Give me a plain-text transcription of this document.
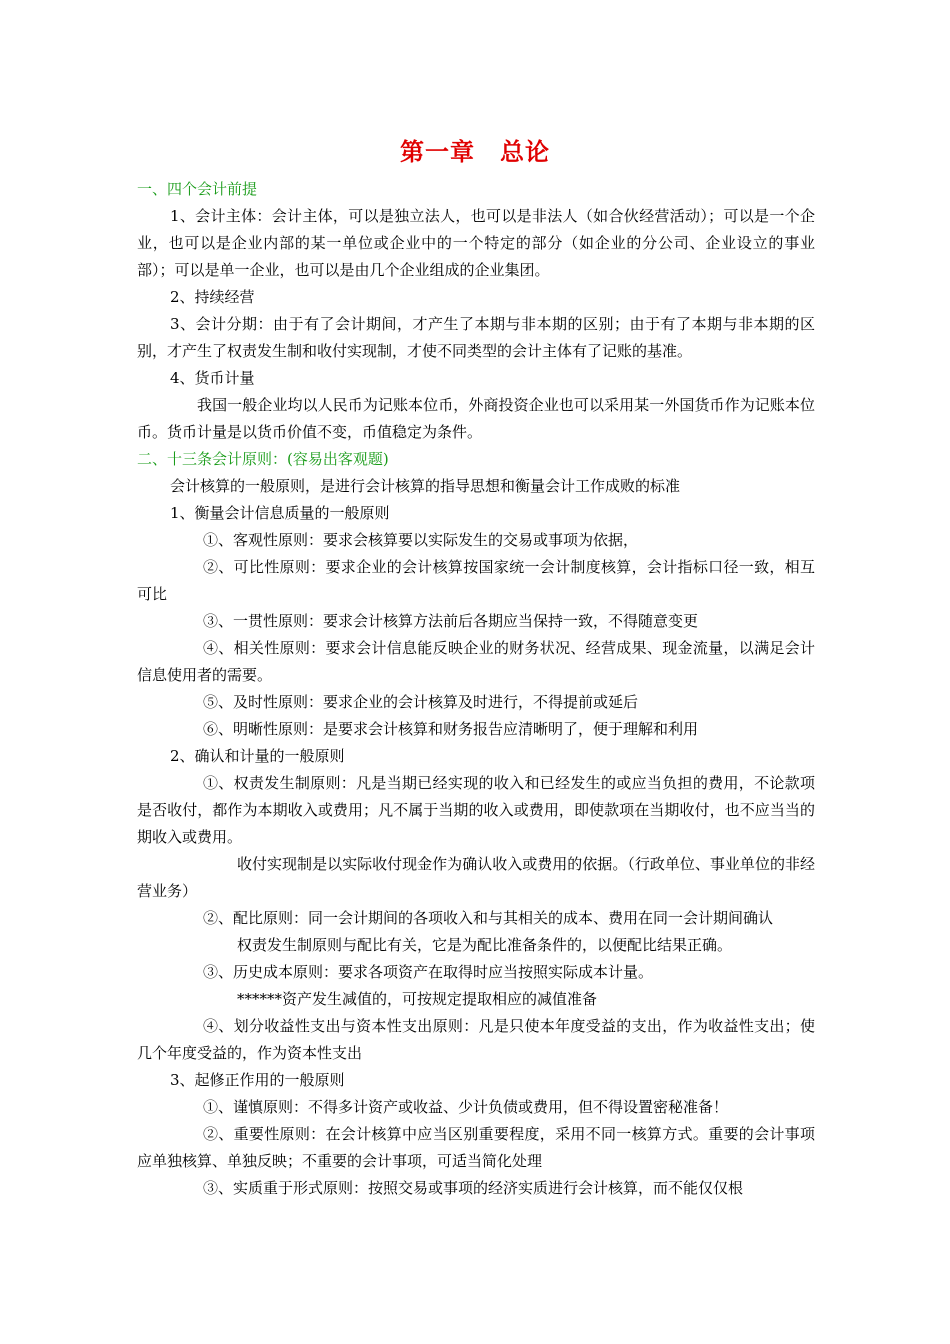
第一章　总论

一、四个会计前提

1、会计主体：会计主体，可以是独立法人，也可以是非法人（如合伙经营活动）；可以是一个企业，也可以是企业内部的某一单位或企业中的一个特定的部分（如企业的分公司、企业设立的事业部）；可以是单一企业，也可以是由几个企业组成的企业集团。

2、持续经营

3、会计分期：由于有了会计期间，才产生了本期与非本期的区别；由于有了本期与非本期的区别，才产生了权责发生制和收付实现制，才使不同类型的会计主体有了记账的基准。

4、货币计量

我国一般企业均以人民币为记账本位币，外商投资企业也可以采用某一外国货币作为记账本位币。货币计量是以货币价值不变，币值稳定为条件。

二、十三条会计原则：(容易出客观题)

会计核算的一般原则，是进行会计核算的指导思想和衡量会计工作成败的标准

1、衡量会计信息质量的一般原则

①、客观性原则：要求会核算要以实际发生的交易或事项为依据，

②、可比性原则：要求企业的会计核算按国家统一会计制度核算，会计指标口径一致，相互可比

③、一贯性原则：要求会计核算方法前后各期应当保持一致，不得随意变更

④、相关性原则：要求会计信息能反映企业的财务状况、经营成果、现金流量，以满足会计信息使用者的需要。

⑤、及时性原则：要求企业的会计核算及时进行，不得提前或延后

⑥、明晰性原则：是要求会计核算和财务报告应清晰明了，便于理解和利用

2、确认和计量的一般原则

①、权责发生制原则：凡是当期已经实现的收入和已经发生的或应当负担的费用，不论款项是否收付，都作为本期收入或费用；凡不属于当期的收入或费用，即使款项在当期收付，也不应当当的期收入或费用。

收付实现制是以实际收付现金作为确认收入或费用的依据。（行政单位、事业单位的非经营业务）

②、配比原则：同一会计期间的各项收入和与其相关的成本、费用在同一会计期间确认

权责发生制原则与配比有关，它是为配比准备条件的，以便配比结果正确。

③、历史成本原则：要求各项资产在取得时应当按照实际成本计量。

******资产发生减值的，可按规定提取相应的减值准备

④、划分收益性支出与资本性支出原则：凡是只使本年度受益的支出，作为收益性支出；使几个年度受益的，作为资本性支出

3、起修正作用的一般原则

①、谨慎原则：不得多计资产或收益、少计负债或费用，但不得设置密秘准备！

②、重要性原则：在会计核算中应当区别重要程度，采用不同一核算方式。重要的会计事项应单独核算、单独反映；不重要的会计事项，可适当简化处理

③、实质重于形式原则：按照交易或事项的经济实质进行会计核算，而不能仅仅根
